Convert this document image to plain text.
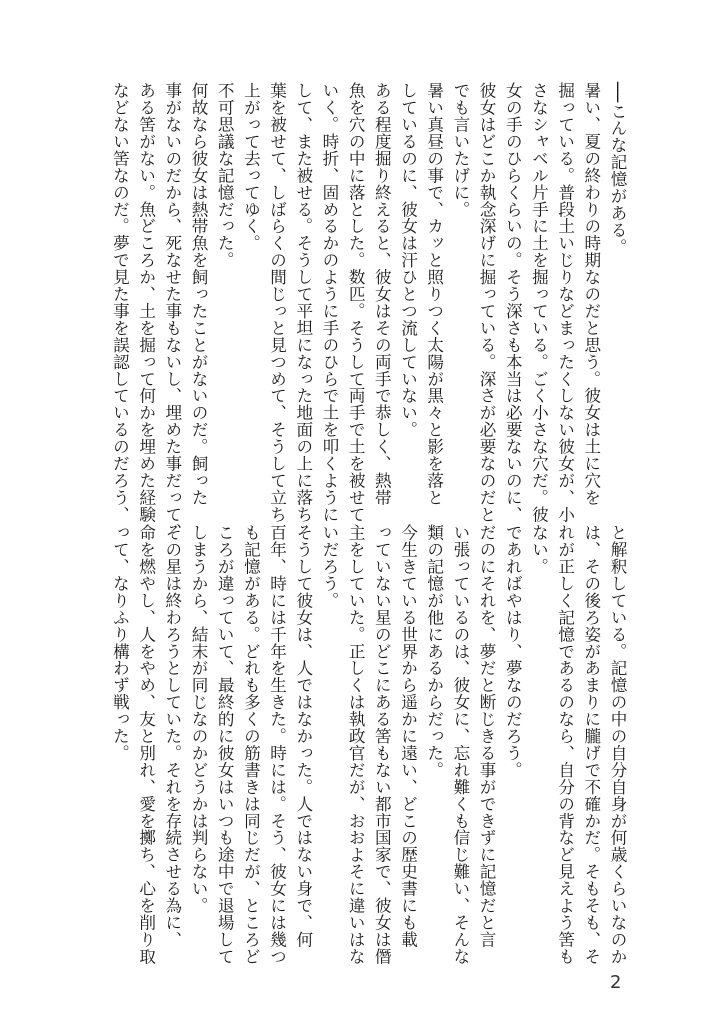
──こんな記憶がある。
暑い、夏の終わりの時期なのだと思う。彼女は土に穴を
掘っている。普段土いじりなどまったくしない彼女が、小
さなシャベル片手に土を掘っている。ごく小さな穴だ。彼
女の手のひらくらいの。そう深さも本当は必要ないのに、
彼女はどこか執念深げに掘っている。深さが必要なのだと
でも言いたげに。
暑い真昼の事で、カッと照りつく太陽が黒々と影を落と
しているのに、彼女は汗ひとつ流していない。
ある程度掘り終えると、彼女はその両手で恭しく、熱帯
魚を穴の中に落とした。数匹。そうして両手で土を被せて
いく。時折、固めるかのように手のひらで土を叩くように
して、また被せる。そうして平坦になった地面の上に落ち
葉を被せて、しばらくの間じっと見つめて、そうして立ち
上がって去ってゆく。
不可思議な記憶だった。
何故なら彼女は熱帯魚を飼ったことがないのだ。飼った
事がないのだから、死なせた事もないし、埋めた事だって、
ある筈がない。魚どころか、土を掘って何かを埋めた経験
などない筈なのだ。夢で見た事を誤認しているのだろう、
と解釈している。記憶の中の自分自身が何歳くらいなのか
は、その後ろ姿があまりに朧げで不確かだ。そもそも、そ
れが正しく記憶であるのなら、自分の背など見えよう筈も
ない。
であればやはり、夢なのだろう。
だのにそれを、夢だと断じきる事ができずに記憶だと言
い張っているのは、彼女に、忘れ難くも信じ難い、そんな
類の記憶が他にあるからだった。
今生きている世界から遥かに遠い、どこの歴史書にも載
っていない星のどこにある筈もない都市国家で、彼女は僭
主をしていた。正しくは執政官だが、おおよそに違いはな
いだろう。
そうして彼女は、人ではなかった。人ではない身で、何
百年、時には千年を生きた。時には。そう、彼女には幾つ
も記憶がある。どれも多くの筋書きは同じだが、ところど
ころが違っていて、最終的に彼女はいつも途中で退場して
しまうから、結末が同じなのかどうかは判らない。
その星は終わろうとしていた。それを存続させる為に、
命を燃やし、人をやめ、友と別れ、愛を擲ち、心を削り取
って、なりふり構わず戦った。
2
